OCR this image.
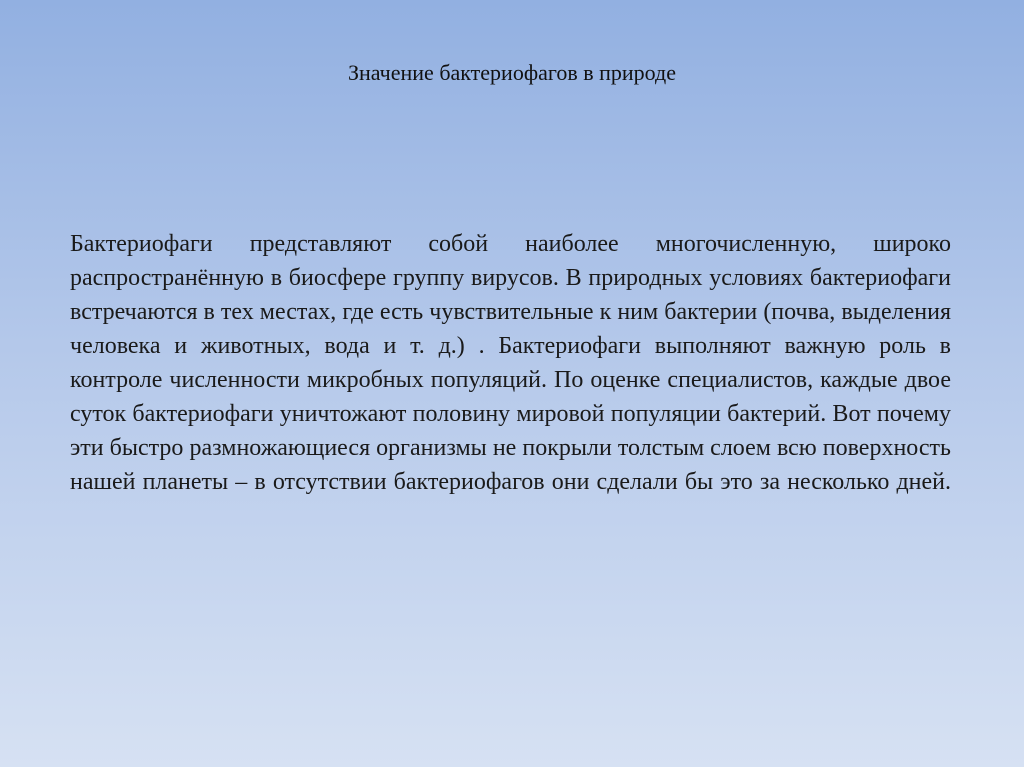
Значение бактериофагов в природе

Бактериофаги представляют собой наиболее многочисленную, широко распространённую в биосфере группу вирусов. В природных условиях бактериофаги встречаются в тех местах, где есть чувствительные к ним бактерии (почва, выделения человека и животных, вода и т. д.) . Бактериофаги выполняют важную роль в контроле численности микробных популяций. По оценке специалистов, каждые двое суток бактериофаги уничтожают половину мировой популяции бактерий. Вот почему эти быстро размножающиеся организмы не покрыли толстым слоем всю поверхность нашей планеты – в отсутствии бактериофагов они сделали бы это за несколько дней.
